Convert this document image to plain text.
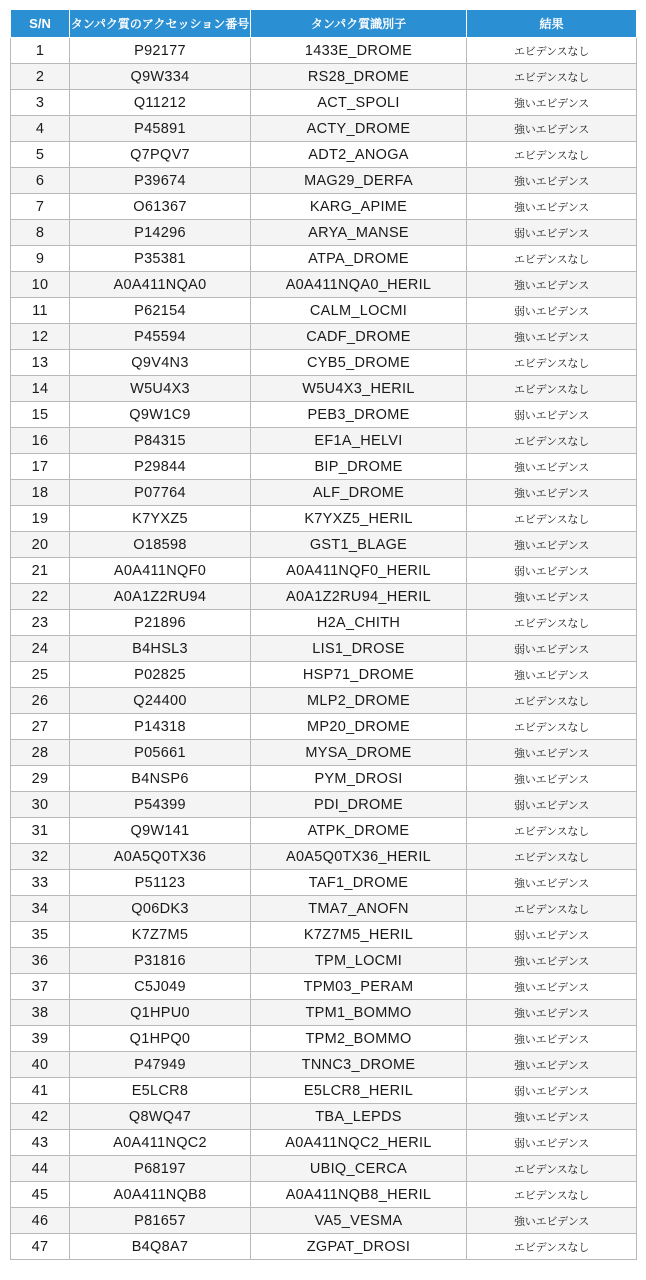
S/N	タンパク質のアクセッション番号	タンパク質識別子	結果
1	P92177	1433E_DROME	エビデンスなし
2	Q9W334	RS28_DROME	エビデンスなし
3	Q11212	ACT_SPOLI	強いエビデンス
4	P45891	ACTY_DROME	強いエビデンス
5	Q7PQV7	ADT2_ANOGA	エビデンスなし
6	P39674	MAG29_DERFA	強いエビデンス
7	O61367	KARG_APIME	強いエビデンス
8	P14296	ARYA_MANSE	弱いエビデンス
9	P35381	ATPA_DROME	エビデンスなし
10	A0A411NQA0	A0A411NQA0_HERIL	強いエビデンス
11	P62154	CALM_LOCMI	弱いエビデンス
12	P45594	CADF_DROME	強いエビデンス
13	Q9V4N3	CYB5_DROME	エビデンスなし
14	W5U4X3	W5U4X3_HERIL	エビデンスなし
15	Q9W1C9	PEB3_DROME	弱いエビデンス
16	P84315	EF1A_HELVI	エビデンスなし
17	P29844	BIP_DROME	強いエビデンス
18	P07764	ALF_DROME	強いエビデンス
19	K7YXZ5	K7YXZ5_HERIL	エビデンスなし
20	O18598	GST1_BLAGE	強いエビデンス
21	A0A411NQF0	A0A411NQF0_HERIL	弱いエビデンス
22	A0A1Z2RU94	A0A1Z2RU94_HERIL	強いエビデンス
23	P21896	H2A_CHITH	エビデンスなし
24	B4HSL3	LIS1_DROSE	弱いエビデンス
25	P02825	HSP71_DROME	強いエビデンス
26	Q24400	MLP2_DROME	エビデンスなし
27	P14318	MP20_DROME	エビデンスなし
28	P05661	MYSA_DROME	強いエビデンス
29	B4NSP6	PYM_DROSI	強いエビデンス
30	P54399	PDI_DROME	弱いエビデンス
31	Q9W141	ATPK_DROME	エビデンスなし
32	A0A5Q0TX36	A0A5Q0TX36_HERIL	エビデンスなし
33	P51123	TAF1_DROME	強いエビデンス
34	Q06DK3	TMA7_ANOFN	エビデンスなし
35	K7Z7M5	K7Z7M5_HERIL	弱いエビデンス
36	P31816	TPM_LOCMI	強いエビデンス
37	C5J049	TPM03_PERAM	強いエビデンス
38	Q1HPU0	TPM1_BOMMO	強いエビデンス
39	Q1HPQ0	TPM2_BOMMO	強いエビデンス
40	P47949	TNNC3_DROME	強いエビデンス
41	E5LCR8	E5LCR8_HERIL	弱いエビデンス
42	Q8WQ47	TBA_LEPDS	強いエビデンス
43	A0A411NQC2	A0A411NQC2_HERIL	弱いエビデンス
44	P68197	UBIQ_CERCA	エビデンスなし
45	A0A411NQB8	A0A411NQB8_HERIL	エビデンスなし
46	P81657	VA5_VESMA	強いエビデンス
47	B4Q8A7	ZGPAT_DROSI	エビデンスなし
